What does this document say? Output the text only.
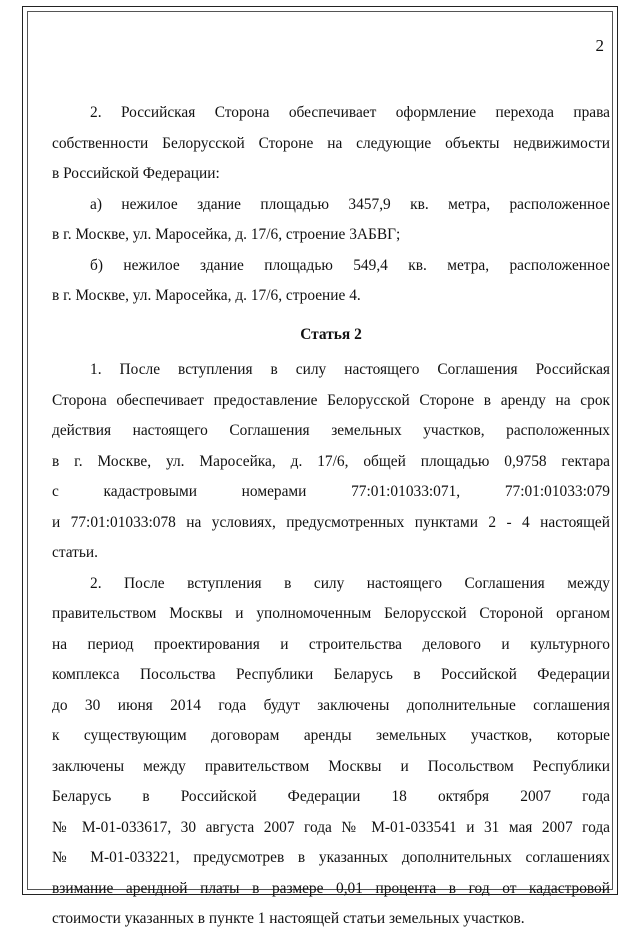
2

2. Российская Сторона обеспечивает оформление перехода права

собственности Белорусской Стороне на следующие объекты недвижимости

в Российской Федерации:

а) нежилое здание площадью 3457,9 кв. метра, расположенное

в г. Москве, ул. Маросейка, д. 17/6, строение 3АБВГ;

б) нежилое здание площадью 549,4 кв. метра, расположенное

в г. Москве, ул. Маросейка, д. 17/6, строение 4.

Статья 2

1. После вступления в силу настоящего Соглашения Российская

Сторона обеспечивает предоставление Белорусской Стороне в аренду на срок

действия настоящего Соглашения земельных участков, расположенных

в г. Москве, ул. Маросейка, д. 17/6, общей площадью 0,9758 гектара

с кадастровыми номерами 77:01:01033:071, 77:01:01033:079

и 77:01:01033:078 на условиях, предусмотренных пунктами 2 - 4 настоящей

статьи.

2. После вступления в силу настоящего Соглашения между

правительством Москвы и уполномоченным Белорусской Стороной органом

на период проектирования и строительства делового и культурного

комплекса Посольства Республики Беларусь в Российской Федерации

до 30 июня 2014 года будут заключены дополнительные соглашения

к существующим договорам аренды земельных участков, которые

заключены между правительством Москвы и Посольством Республики

Беларусь в Российской Федерации 18 октября 2007 года

№ М-01-033617, 30 августа 2007 года № М-01-033541 и 31 мая 2007 года

№ М-01-033221, предусмотрев в указанных дополнительных соглашениях

взимание арендной платы в размере 0,01 процента в год от кадастровой

стоимости указанных в пункте 1 настоящей статьи земельных участков.
